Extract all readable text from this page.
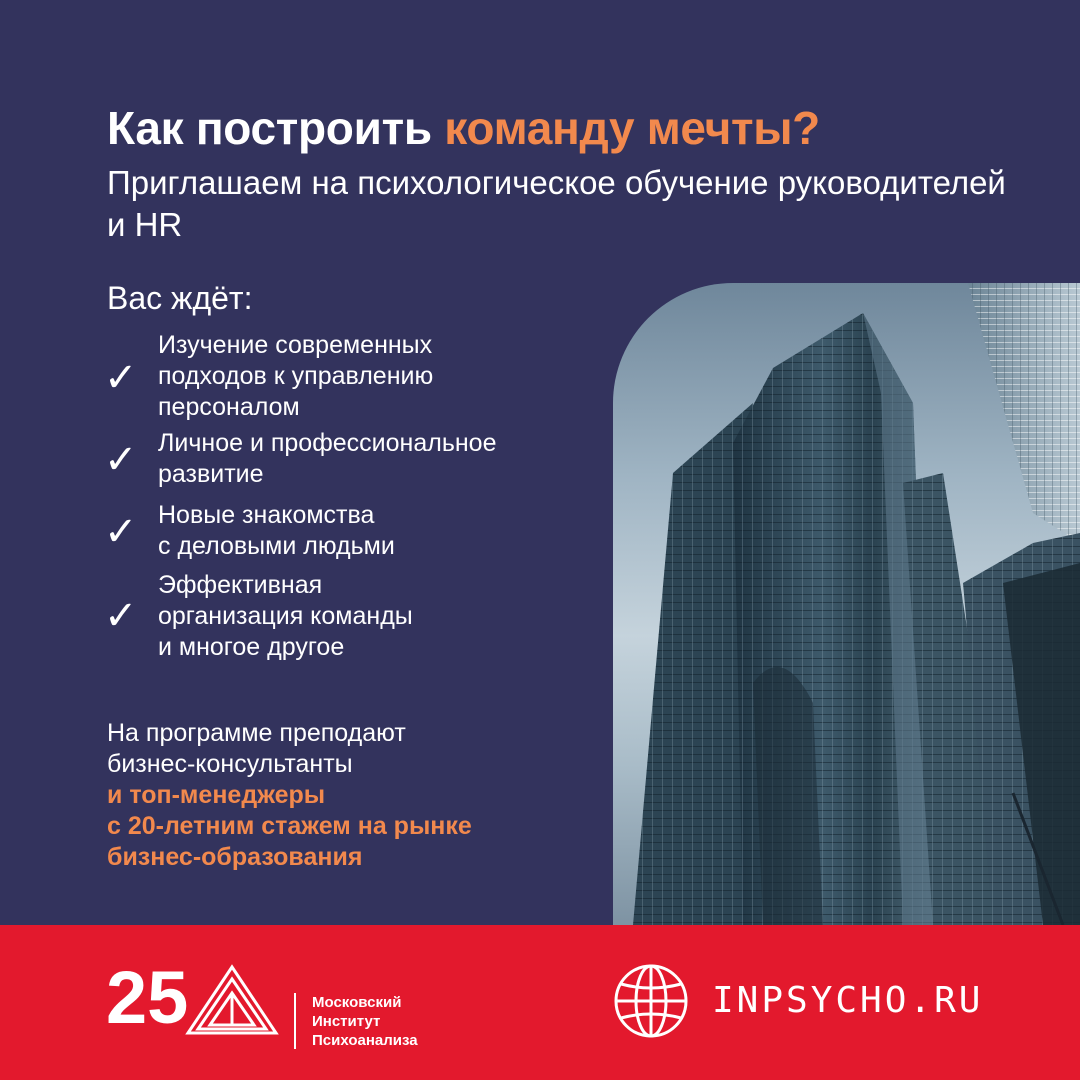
Как построить команду мечты?
Приглашаем на психологическое обучение руководителей и HR
Вас ждёт:
✓
Изучение современных
подходов к управлению
персоналом
✓ Личное и профессиональное
развитие
✓ Новые знакомства
с деловыми людьми
✓
Эффективная
организация команды
и многое другое
На программе преподают
бизнес-консультанты
и топ-менеджеры
с 20-летним стажем на рынке
бизнес-образования
25	Московский
Институт
Психоанализа
INPSYCHO.RU
